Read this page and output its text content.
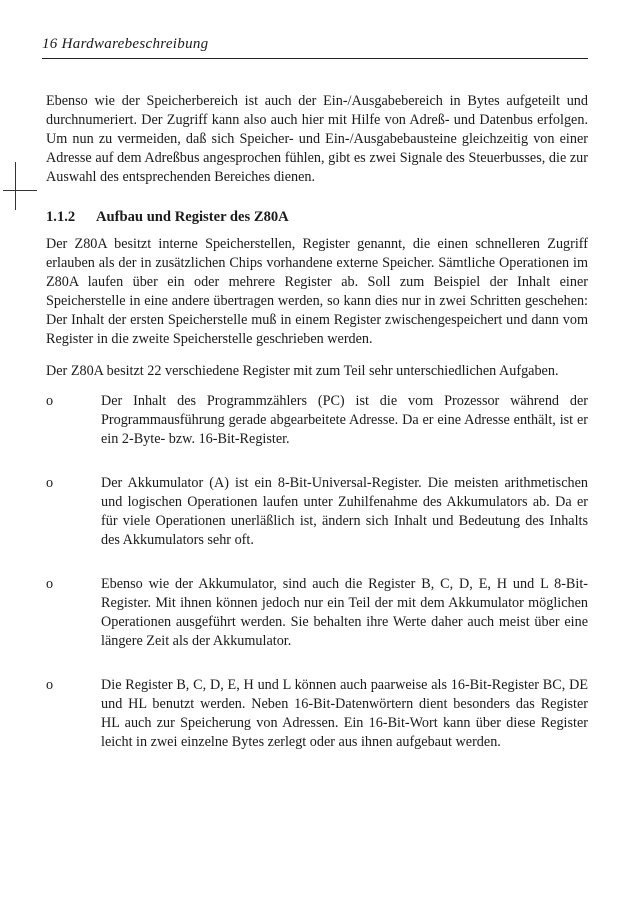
16 Hardwarebeschreibung

Ebenso wie der Speicherbereich ist auch der Ein-/Ausgabebereich in Bytes aufgeteilt und durchnumeriert. Der Zugriff kann also auch hier mit Hilfe von Adreß- und Datenbus erfolgen. Um nun zu vermeiden, daß sich Speicher- und Ein-/Ausgabebausteine gleichzeitig von einer Adresse auf dem Adreßbus angesprochen fühlen, gibt es zwei Signale des Steuerbusses, die zur Auswahl des entsprechenden Bereiches dienen.

1.1.2 Aufbau und Register des Z80A

Der Z80A besitzt interne Speicherstellen, Register genannt, die einen schnelleren Zugriff erlauben als der in zusätzlichen Chips vorhandene externe Speicher. Sämtliche Operationen im Z80A laufen über ein oder mehrere Register ab. Soll zum Beispiel der Inhalt einer Speicherstelle in eine andere übertragen werden, so kann dies nur in zwei Schritten geschehen: Der Inhalt der ersten Speicherstelle muß in einem Register zwischengespeichert und dann vom Register in die zweite Speicherstelle geschrieben werden.

Der Z80A besitzt 22 verschiedene Register mit zum Teil sehr unterschiedlichen Aufgaben.

o	Der Inhalt des Programmzählers (PC) ist die vom Prozessor während der Programmausführung gerade abgearbeitete Adresse. Da er eine Adresse enthält, ist er ein 2-Byte- bzw. 16-Bit-Register.

o	Der Akkumulator (A) ist ein 8-Bit-Universal-Register. Die meisten arithmetischen und logischen Operationen laufen unter Zuhilfenahme des Akkumulators ab. Da er für viele Operationen unerläßlich ist, ändern sich Inhalt und Bedeutung des Inhalts des Akkumulators sehr oft.

o	Ebenso wie der Akkumulator, sind auch die Register B, C, D, E, H und L 8-Bit-Register. Mit ihnen können jedoch nur ein Teil der mit dem Akkumulator möglichen Operationen ausgeführt werden. Sie behalten ihre Werte daher auch meist über eine längere Zeit als der Akkumulator.

o	Die Register B, C, D, E, H und L können auch paarweise als 16-Bit-Register BC, DE und HL benutzt werden. Neben 16-Bit-Datenwörtern dient besonders das Register HL auch zur Speicherung von Adressen. Ein 16-Bit-Wort kann über diese Register leicht in zwei einzelne Bytes zerlegt oder aus ihnen aufgebaut werden.
